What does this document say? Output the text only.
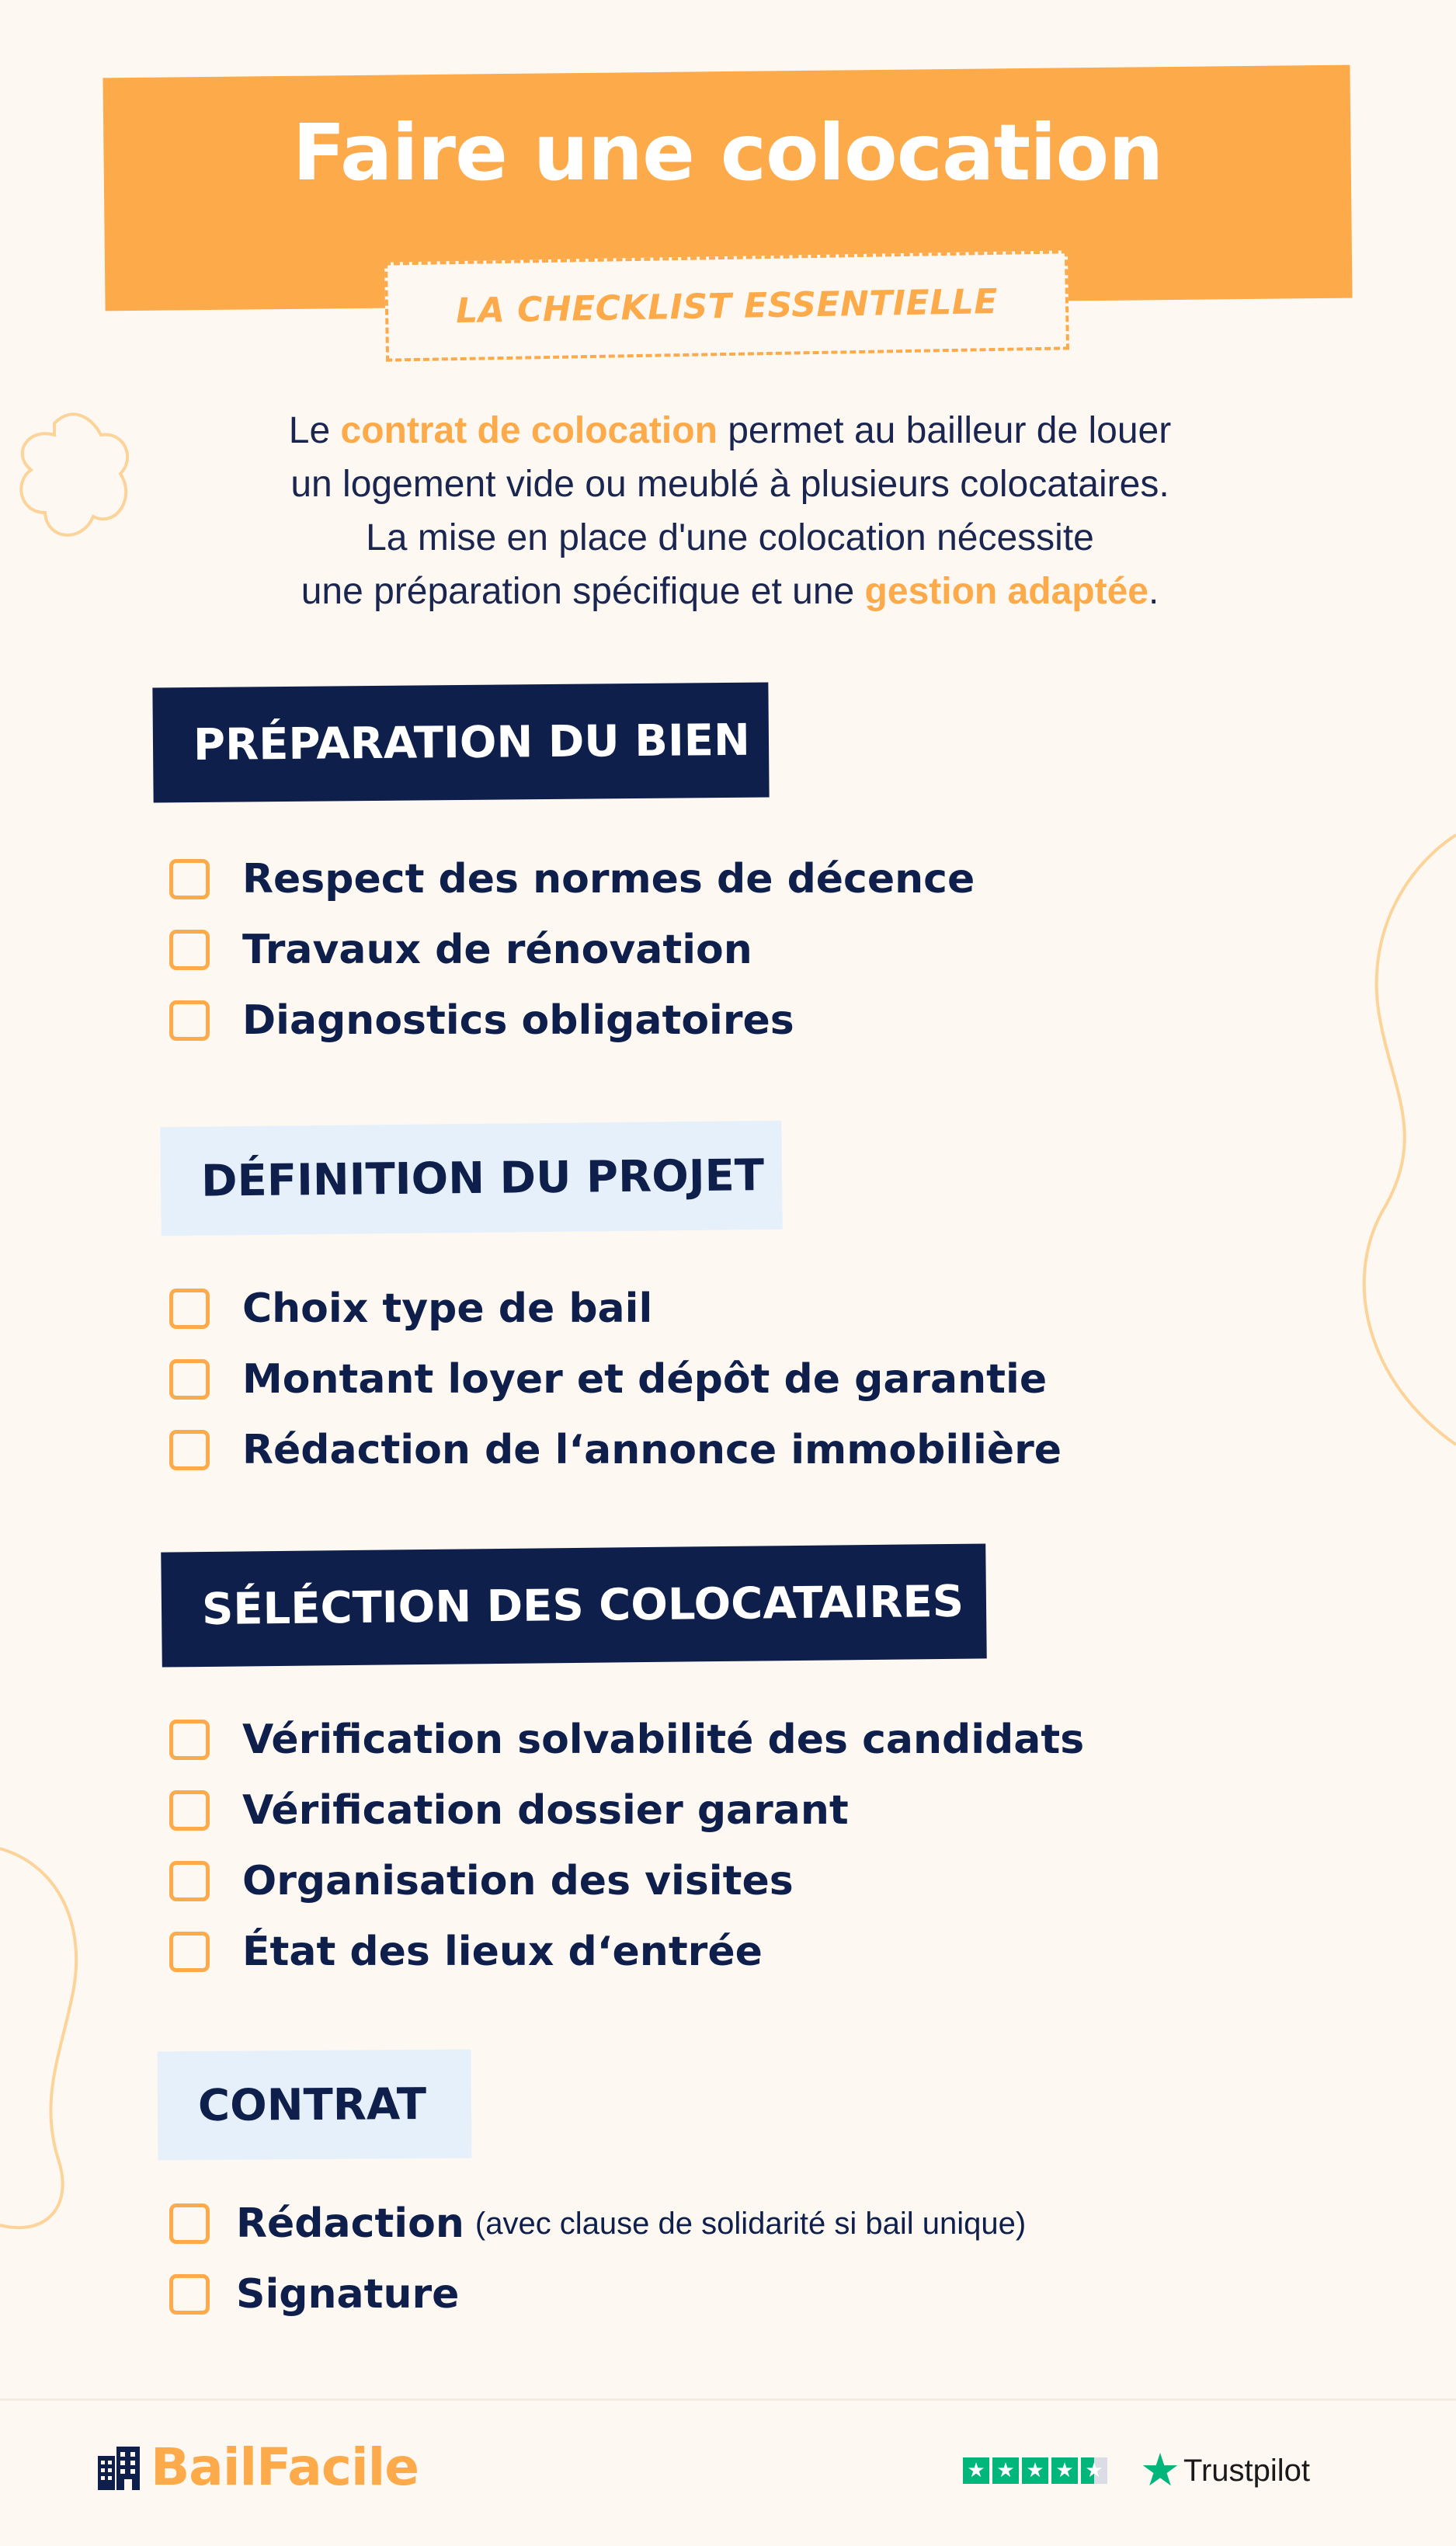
Faire une colocation
LA CHECKLIST ESSENTIELLE
Le contrat de colocation permet au bailleur de louer
un logement vide ou meublé à plusieurs colocataires.
La mise en place d'une colocation nécessite
une préparation spécifique et une gestion adaptée.
PRÉPARATION DU BIEN
Respect des normes de décence
Travaux de rénovation
Diagnostics obligatoires
DÉFINITION DU PROJET
Choix type de bail
Montant loyer et dépôt de garantie
Rédaction de l‘annonce immobilière
SÉLÉCTION DES COLOCATAIRES
Vérification solvabilité des candidats
Vérification dossier garant
Organisation des visites
État des lieux d‘entrée
CONTRAT
Rédaction (avec clause de solidarité si bail unique)
Signature
BailFacile	★ ★ ★ ★ ★ ★ Trustpilot
